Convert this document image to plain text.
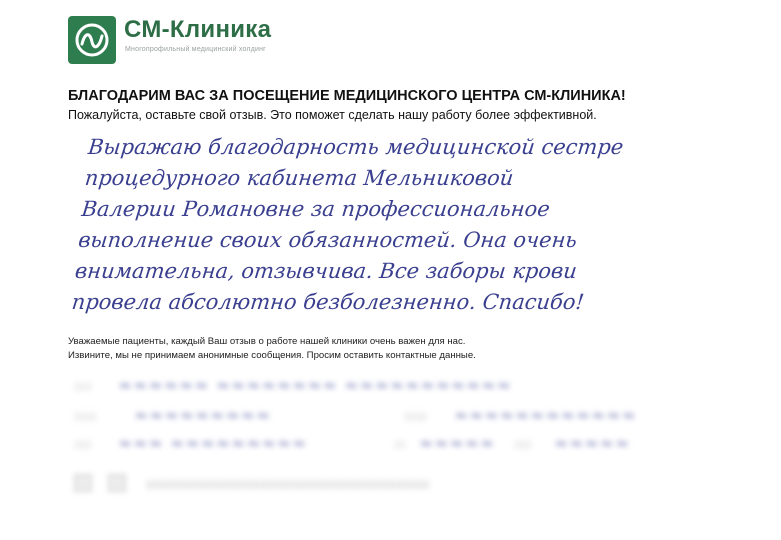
СМ-Клиника
Многопрофильный медицинский холдинг
БЛАГОДАРИМ ВАС ЗА ПОСЕЩЕНИЕ МЕДИЦИНСКОГО ЦЕНТРА СМ-КЛИНИКА!
Пожалуйста, оставьте свой отзыв. Это поможет сделать нашу работу более эффективной.
Выражаю благодарность медицинской сестре
процедурного кабинета Мельниковой
Валерии Романовне за профессиональное
выполнение своих обязанностей. Она очень
внимательна, отзывчива. Все заборы крови
провела абсолютно безболезненно. Спасибо!
Уважаемые пациенты, каждый Ваш отзыв о работе нашей клиники очень важен для нас.
Извините, мы не принимаем анонимные сообщения. Просим оставить контактные данные.
░░░ ≈≈≈≈≈≈ ≈≈≈≈≈≈≈≈ ≈≈≈≈≈≈≈≈≈≈≈
░░░░ ≈≈≈≈≈≈≈≈≈	░░░░ ≈≈≈≈≈≈≈≈≈≈≈≈
░░░ ≈≈≈ ≈≈≈≈≈≈≈≈≈	░░ ≈≈≈≈≈ ░░░ ≈≈≈≈≈
▒▒▒▒▒▒▒▒▒▒▒▒▒▒▒▒▒▒▒▒▒▒▒▒▒▒▒▒▒▒▒▒▒▒▒▒▒▒▒▒▒▒▒▒▒▒▒▒▒▒
